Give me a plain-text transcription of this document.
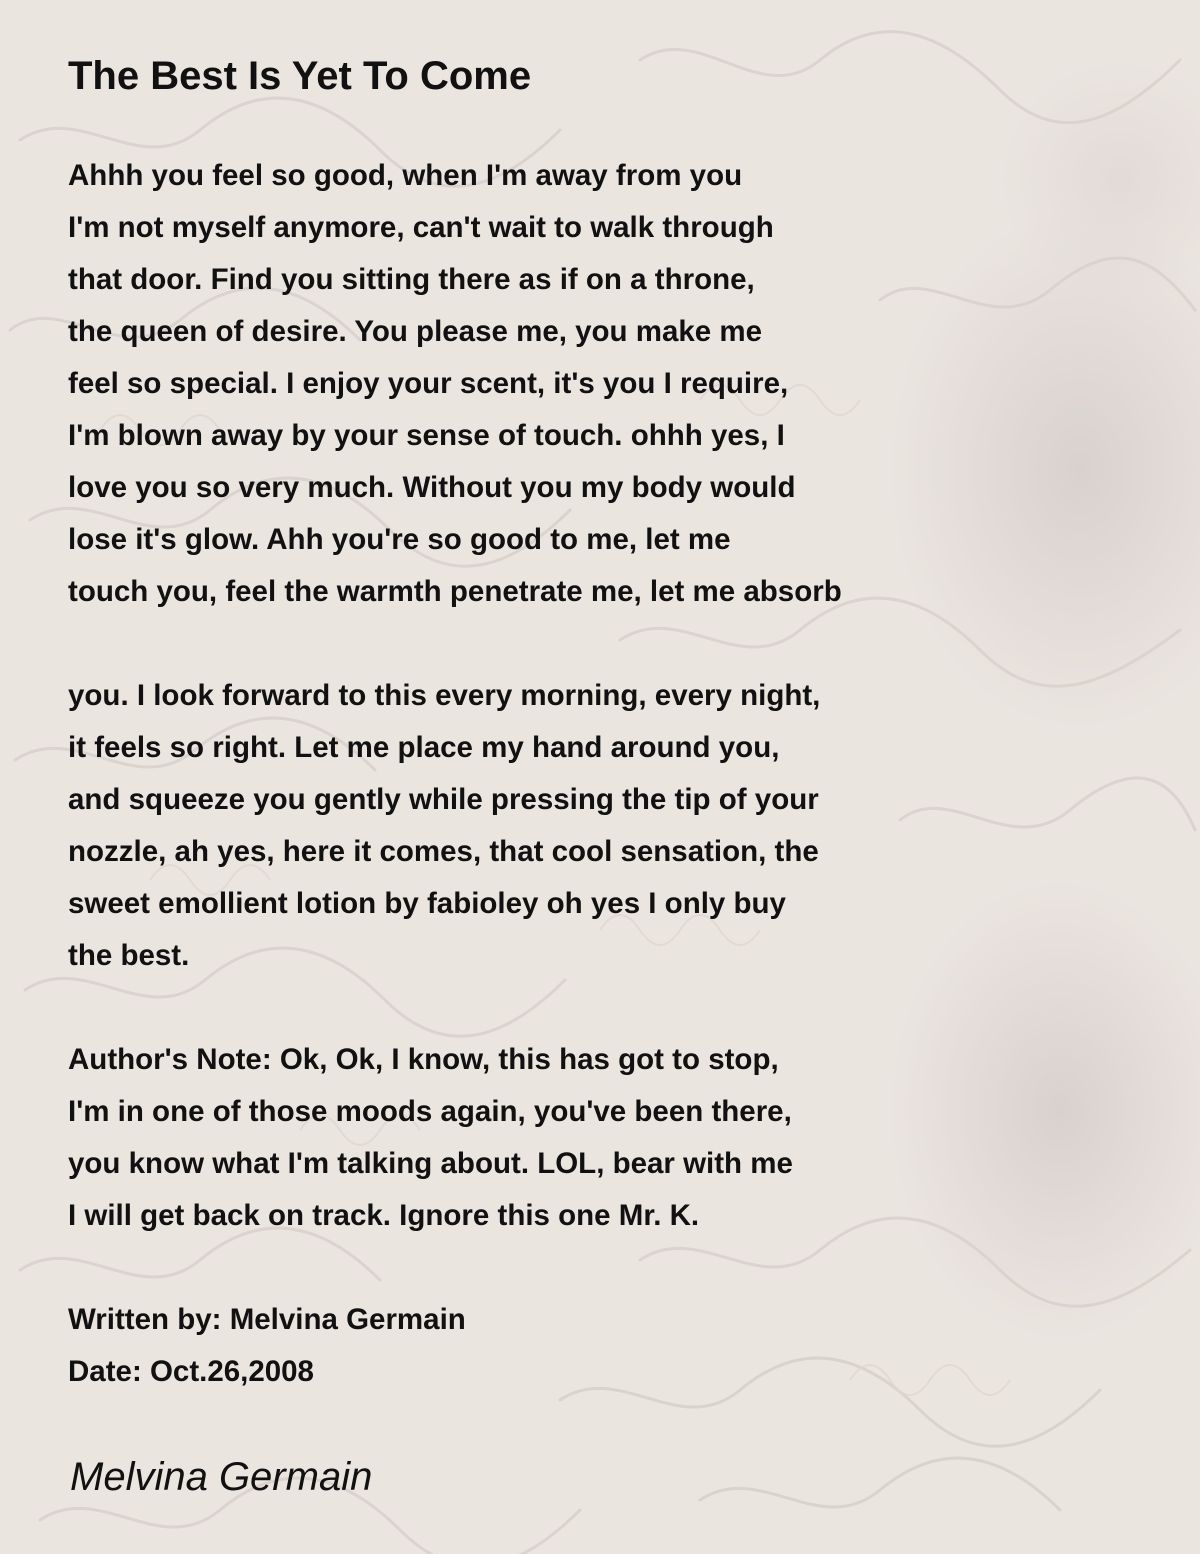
The Best Is Yet To Come
Ahhh you feel so good, when I'm away from you
I'm not myself anymore, can't wait to walk through
that door. Find you sitting there as if on a throne,
the queen of desire. You please me, you make me
feel so special. I enjoy your scent, it's you I require,
I'm blown away by your sense of touch. ohhh yes, I
love you so very much. Without you my body would
lose it's glow. Ahh you're so good to me, let me
touch you, feel the warmth penetrate me, let me absorb
you. I look forward to this every morning, every night,
it feels so right. Let me place my hand around you,
and squeeze you gently while pressing the tip of your
nozzle, ah yes, here it comes, that cool sensation, the
sweet emollient lotion by fabioley oh yes I only buy
the best.
Author's Note: Ok, Ok, I know, this has got to stop,
I'm in one of those moods again, you've been there,
you know what I'm talking about. LOL, bear with me
I will get back on track. Ignore this one Mr. K.
Written by: Melvina Germain
Date: Oct.26,2008
Melvina Germain
